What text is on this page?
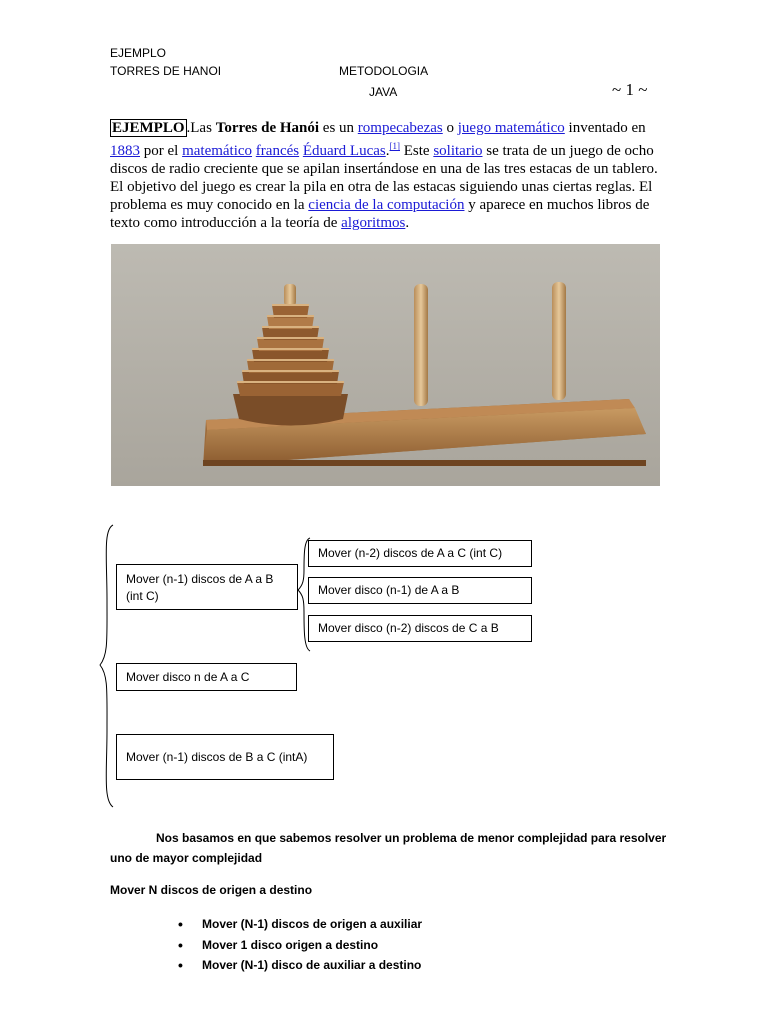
EJEMPLO
TORRES DE HANOI	METODOLOGIA
JAVA	~ 1 ~
EJEMPLO .Las Torres de Hanói es un rompecabezas o juego matemático inventado en 1883 por el matemático francés Éduard Lucas.[1] Este solitario se trata de un juego de ocho discos de radio creciente que se apilan insertándose en una de las tres estacas de un tablero. El objetivo del juego es crear la pila en otra de las estacas siguiendo unas ciertas reglas. El problema es muy conocido en la ciencia de la computación y aparece en muchos libros de texto como introducción a la teoría de algoritmos.
Mover (n-1) discos de A a B (int C)
Mover (n-2) discos de A a C (int C)
Mover disco (n-1) de A a B
Mover disco (n-2) discos de C a B
Mover disco n de A a C
Mover (n-1) discos de B a C (intA)
Nos basamos en que sabemos resolver un problema de menor complejidad para resolver uno de mayor complejidad
Mover N discos de origen a destino
• Mover (N-1) discos de origen a auxiliar
• Mover 1 disco origen a destino
• Mover (N-1) disco de auxiliar a destino
